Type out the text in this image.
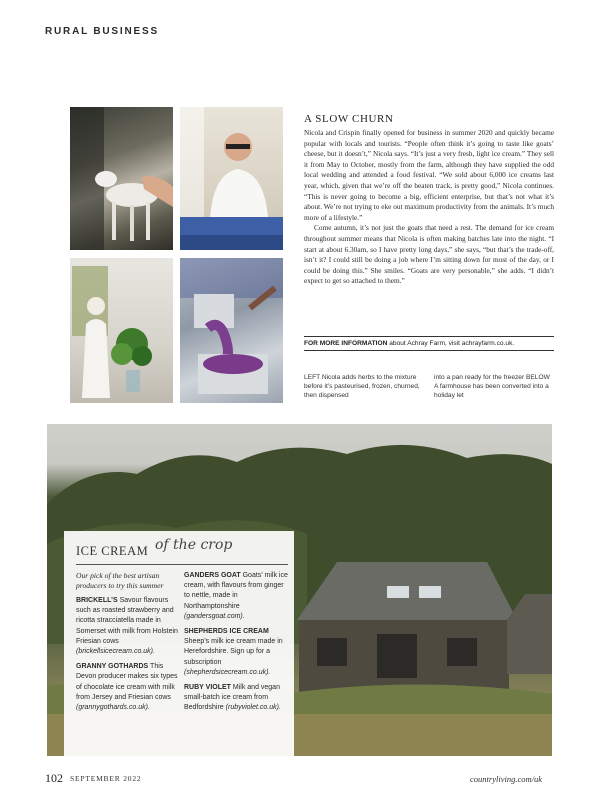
RURAL BUSINESS
A SLOW CHURN

Nicola and Crispin finally opened for business in summer 2020 and quickly became popular with locals and tourists. “People often think it’s going to taste like goats’ cheese, but it doesn’t,” Nicola says. “It’s just a very fresh, light ice cream.” They sell it from May to October, mostly from the farm, although they have supplied the odd local wedding and attended a food festival. “We sold about 6,000 ice creams last year, which, given that we’re off the beaten track, is pretty good,” Nicola continues. “This is never going to become a big, efficient enterprise, but that’s not what it’s about. We’re not trying to eke out maximum productivity from the animals. It’s much more of a lifestyle.”

Come autumn, it’s not just the goats that need a rest. The demand for ice cream throughout summer means that Nicola is often making batches late into the night. “I start at about 6.30am, so I have pretty long days,” she says, “but that’s the trade-off, isn’t it? I could still be doing a job where I’m sitting down for most of the day, or I could be doing this.” She smiles. “Goats are very personable,” she adds. “I didn’t expect to get so attached to them.”

FOR MORE INFORMATION about Achray Farm, visit achrayfarm.co.uk.
LEFT Nicola adds herbs to the mixture before it’s pasteurised, frozen, churned, then dispensed
into a pan ready for the freezer BELOW A farmhouse has been converted into a holiday let
ICE CREAM of the crop

Our pick of the best artisan producers to try this summer

BRICKELL’S Savour flavours such as roasted strawberry and ricotta stracciatella made in Somerset with milk from Holstein Friesian cows (brickellsicecream.co.uk).

GRANNY GOTHARDS This Devon producer makes six types of chocolate ice cream with milk from Jersey and Friesian cows (grannygothards.co.uk).

GANDERS GOAT Goats’ milk ice cream, with flavours from ginger to nettle, made in Northamptonshire (gandersgoat.com).

SHEPHERDS ICE CREAM Sheep’s milk ice cream made in Herefordshire. Sign up for a subscription (shepherdsicecream.co.uk).

RUBY VIOLET Milk and vegan small-batch ice cream from Bedfordshire (rubyviolet.co.uk).

102 SEPTEMBER 2022	countryliving.com/uk
